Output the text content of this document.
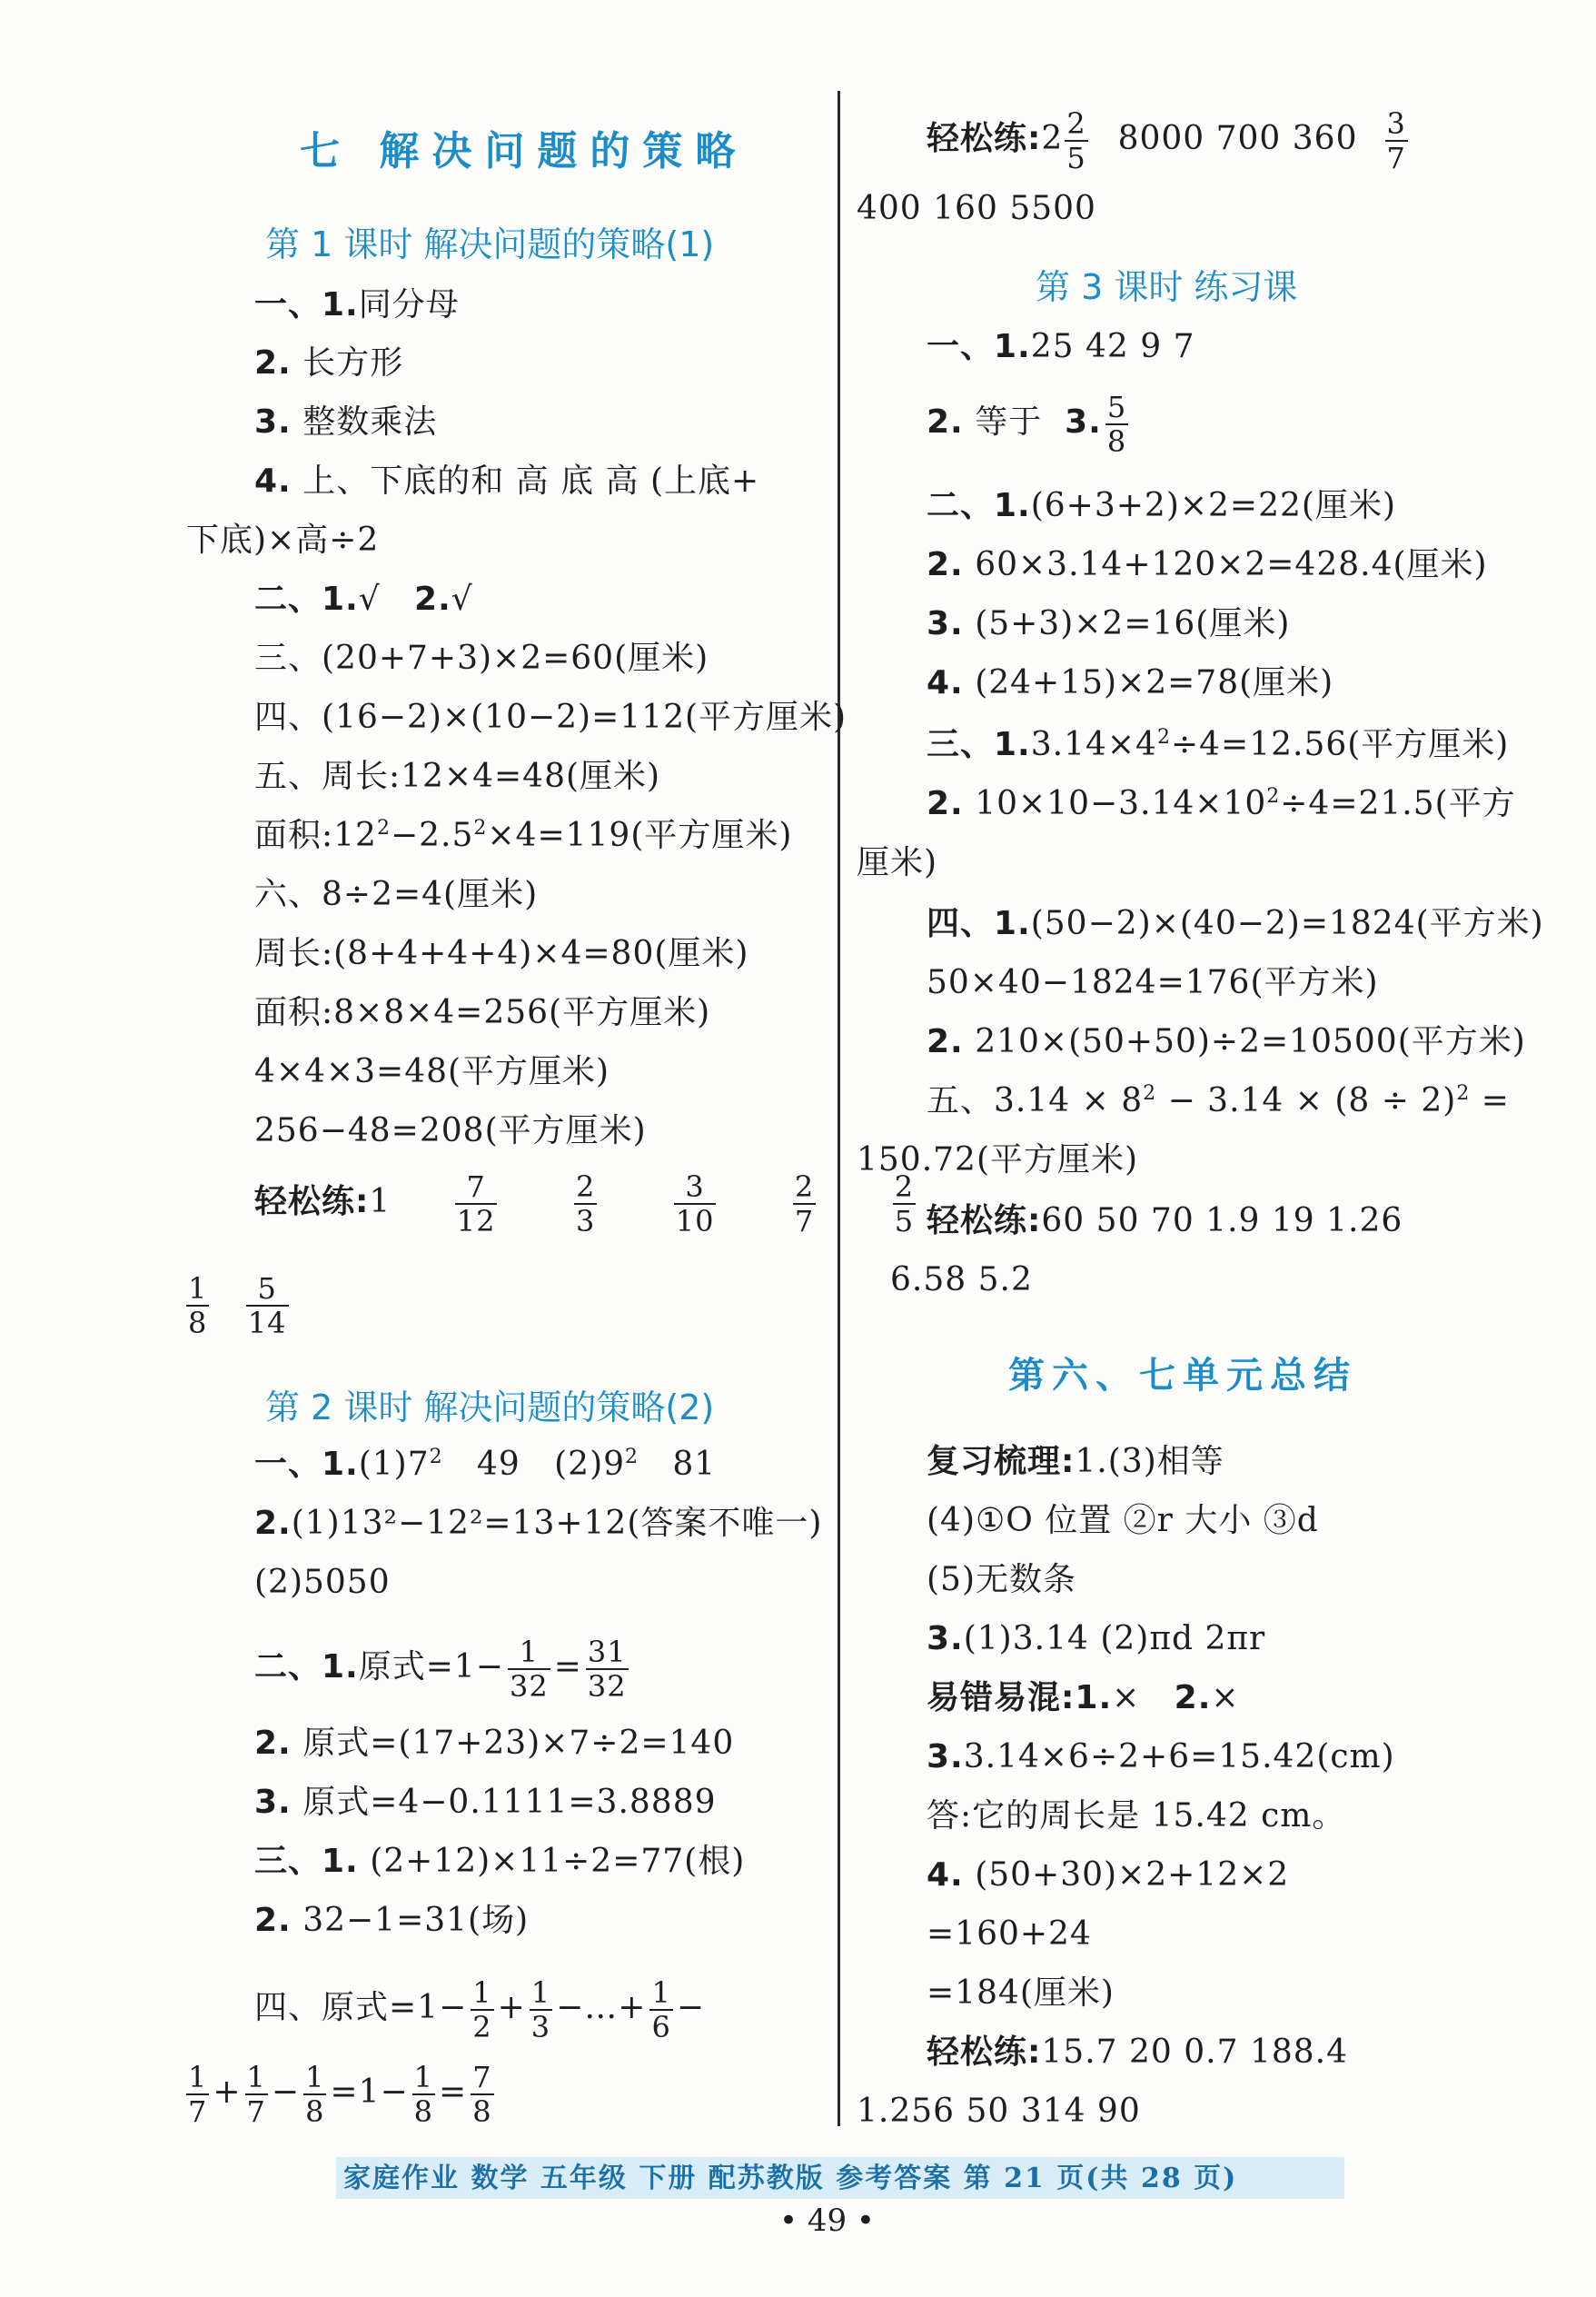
七 解决问题的策略
第 1 课时 解决问题的策略(1)
一、1.同分母
2. 长方形
3. 整数乘法
4. 上、下底的和 高 底 高 (上底+
下底)×高÷2
二、1.√ 2.√
三、(20+7+3)×2=60(厘米)
四、(16−2)×(10−2)=112(平方厘米)
五、周长:12×4=48(厘米)
面积$:12^2-2.5^2\times 4=119$(平方厘米)
六、8÷2=4(厘米)
周长:(8+4+4+4)×4=80(厘米)
面积:8×8×4=256(平方厘米)
4×4×3=48(平方厘米)
256−48=208(平方厘米)
轻松练:1 $\frac{7}{12}$
	$\frac{2}{3}$
	$\frac{3}{10}$
	$\frac{2}{7}$
	$\frac{2}{5}$
$\frac{1}{8}$
$\frac{5}{14}$
第 2 课时 解决问题的策略(2)
一、$1.(1)7^2$ 49 $(2)9^2$ 81
2.(1)13²−12²=13+12(答案不唯一)
(2)5050
二、1.原式$=1- \frac{1}{32} = \frac{31}{32}$
2. 原式=(17+23)×7÷2=140
3. 原式=4−0.1111=3.8889
三、1. (2+12)×11÷2=77(根)
2. 32−1=31(场)
四、原式$=1- \frac{1}{2} + \frac{1}{3}$ −…+ $\frac{1}{6}$ −
$\frac{1}{7} + \frac{1}{7} - \frac{1}{8} =1- \frac{1}{8} = \frac{7}{8}$
轻松练:2 $\frac{2}{5} 8000$ 700 $360 \frac{3}{7}$
400 160 5500
第 3 课时 练习课
一、1.25 42 9 7
2. 等于 3. $\frac{5}{8}$
二、1.(6+3+2)×2=22(厘米)
2. 60×3.14+120×2=428.4(厘米)
3. (5+3)×2=16(厘米)
4. (24+15)×2=78(厘米)
三、$1.3.14\times 4^2\div 4=12.56$(平方厘米)
2. $10\times 10-3.14\times 10^2\div 4=21.5$(平方
厘米)
四、1.(50−2)×(40−2)=1824(平方米)
50×40−1824=176(平方米)
2. 210×(50+50)÷2=10500(平方米)
五、$3.14 \times 8^2 - 3.14 \times (8 \div 2)^2$ =
150.72(平方厘米)
轻松练:60 50 70 1.9 19 1.26
6.58 5.2
第六、七单元总结
复习梳理:1.(3)相等
(4)①O 位置 ②r 大小 ③d
(5)无数条
3.(1)3.14 (2)πd 2πr
易错易混:1.× 2.×
3.3.14×6÷2+6=15.42(cm)
答:它的周长是 15.42 cm。
4. (50+30)×2+12×2
=160+24
=184(厘米)
轻松练:15.7 20 0.7 188.4
1.256 50 314 90
家庭作业 数学 五年级 下册 配苏教版 参考答案 第 21 页(共 28 页)
• 49 •
